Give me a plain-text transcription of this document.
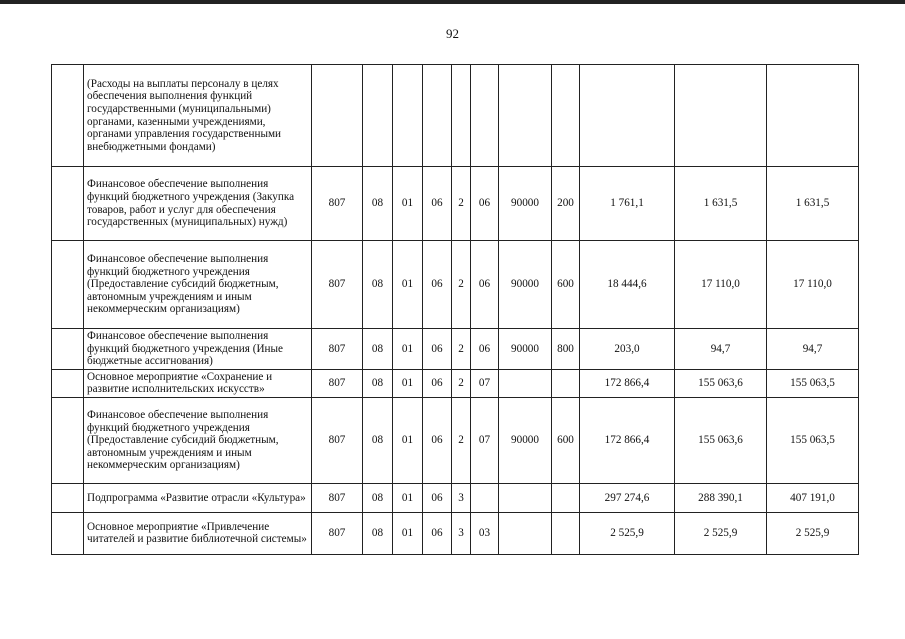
92
	(Расходы на выплаты персоналу в целях обеспечения выполнения функций государственными (муниципальными) органами, казенными учреждениями, органами управления государственными внебюджетными фондами)											
	Финансовое обеспечение выполнения функций бюджетного учреждения (Закупка товаров, работ и услуг для обеспечения государственных (муниципальных) нужд)	807	08	01	06	2	06	90000	200	1 761,1	1 631,5	1 631,5
	Финансовое обеспечение выполнения функций бюджетного учреждения (Предоставление субсидий бюджетным, автономным учреждениям и иным некоммерческим организациям)	807	08	01	06	2	06	90000	600	18 444,6	17 110,0	17 110,0
	Финансовое обеспечение выполнения функций бюджетного учреждения (Иные бюджетные ассигнования)	807	08	01	06	2	06	90000	800	203,0	94,7	94,7
	Основное мероприятие «Сохранение и развитие исполнительских искусств»	807	08	01	06	2	07			172 866,4	155 063,6	155 063,5
	Финансовое обеспечение выполнения функций бюджетного учреждения (Предоставление субсидий бюджетным, автономным учреждениям и иным некоммерческим организациям)	807	08	01	06	2	07	90000	600	172 866,4	155 063,6	155 063,5
	Подпрограмма «Развитие отрасли «Культура»	807	08	01	06	3				297 274,6	288 390,1	407 191,0
	Основное мероприятие «Привлечение читателей и развитие библиотечной системы»	807	08	01	06	3	03			2 525,9	2 525,9	2 525,9
